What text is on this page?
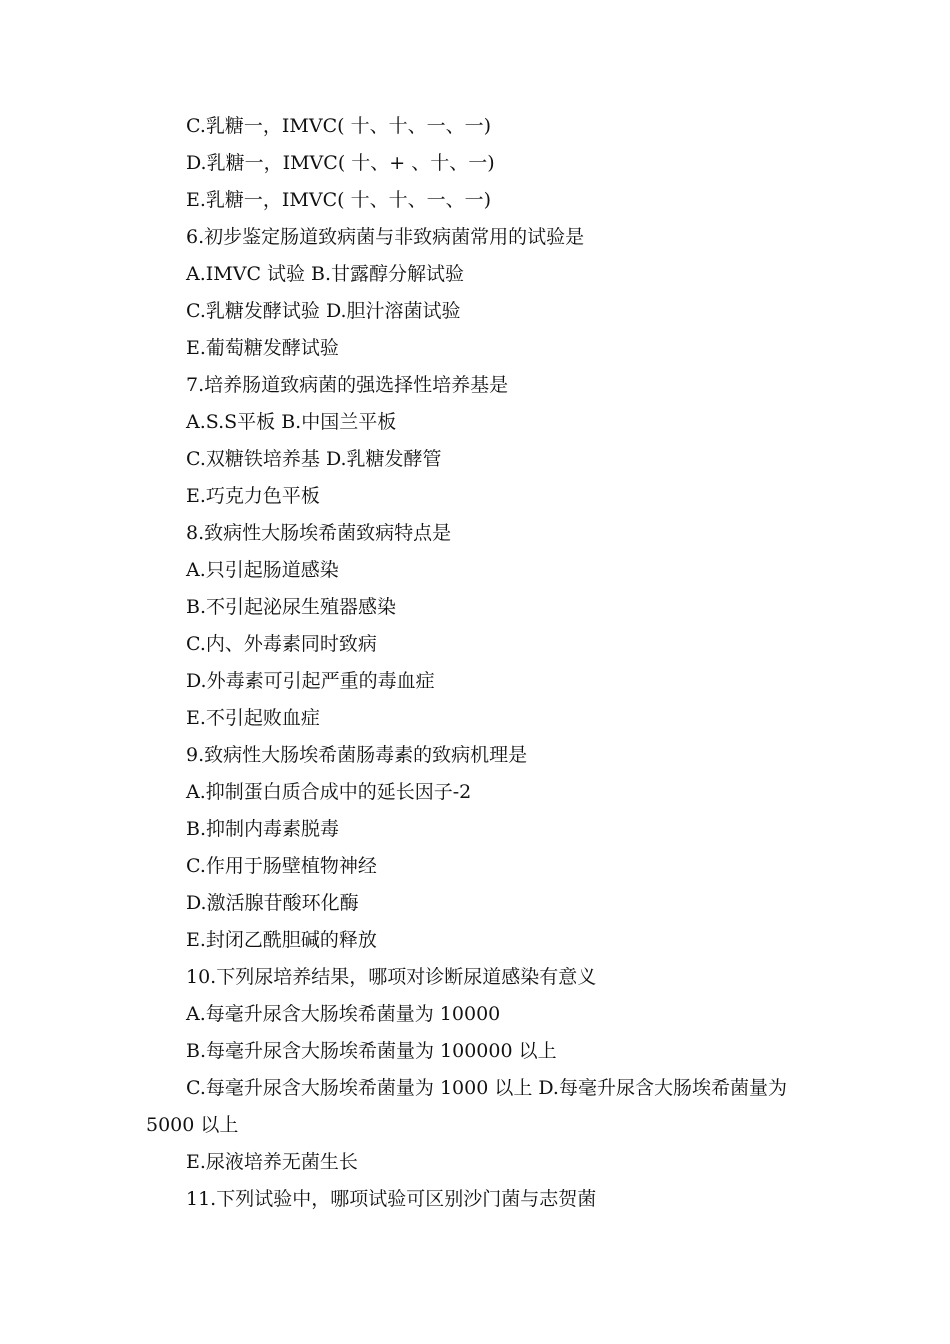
C.乳糖一，IMVC( 十、十、一、一)
D.乳糖一，IMVC( 十、+ 、十、一)
E.乳糖一，IMVC( 十、十、一、一)
6.初步鉴定肠道致病菌与非致病菌常用的试验是
A.IMVC 试验 B.甘露醇分解试验
C.乳糖发酵试验 D.胆汁溶菌试验
E.葡萄糖发酵试验
7.培养肠道致病菌的强选择性培养基是
A.S.S平板 B.中国兰平板
C.双糖铁培养基 D.乳糖发酵管
E.巧克力色平板
8.致病性大肠埃希菌致病特点是
A.只引起肠道感染
B.不引起泌尿生殖器感染
C.内、外毒素同时致病
D.外毒素可引起严重的毒血症
E.不引起败血症
9.致病性大肠埃希菌肠毒素的致病机理是
A.抑制蛋白质合成中的延长因子-2
B.抑制内毒素脱毒
C.作用于肠壁植物神经
D.激活腺苷酸环化酶
E.封闭乙酰胆碱的释放
10.下列尿培养结果，哪项对诊断尿道感染有意义
A.每毫升尿含大肠埃希菌量为 10000
B.每毫升尿含大肠埃希菌量为 100000 以上
C.每毫升尿含大肠埃希菌量为 1000 以上 D.每毫升尿含大肠埃希菌量为 5000 以上
E.尿液培养无菌生长
11.下列试验中，哪项试验可区别沙门菌与志贺菌
